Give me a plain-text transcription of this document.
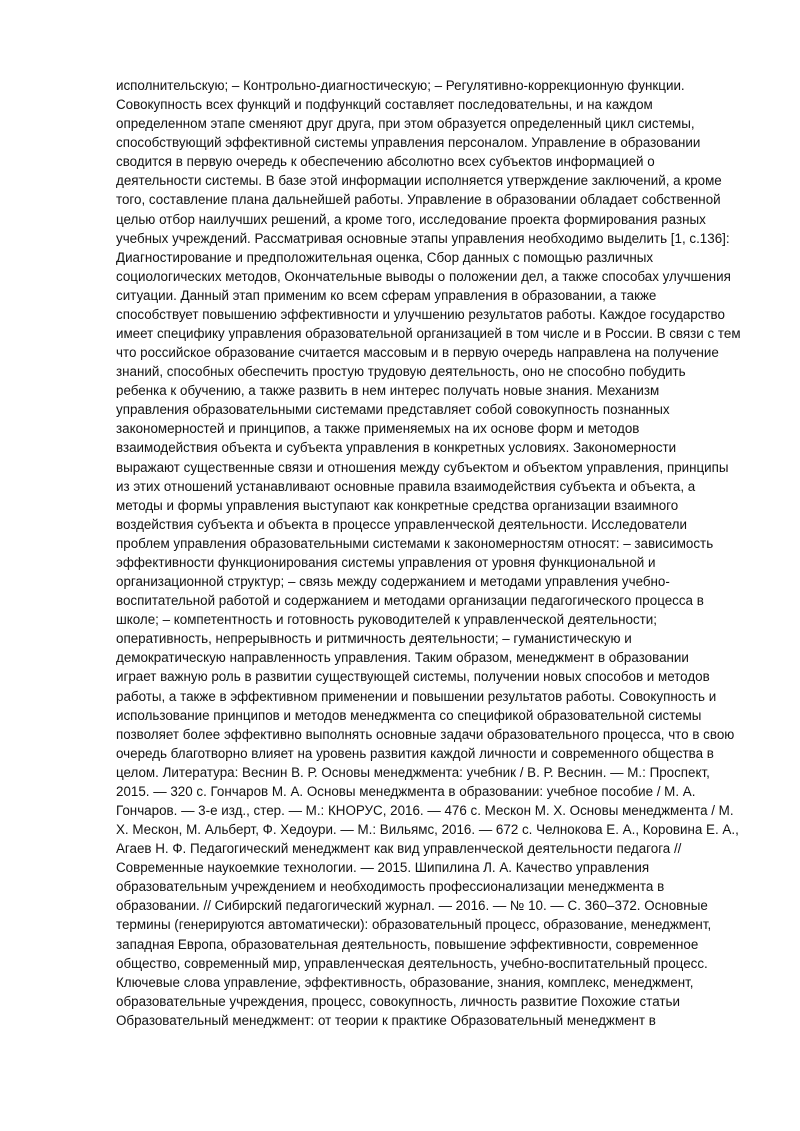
исполнительскую; – Контрольно-диагностическую; – Регулятивно-коррекционную функции.
Совокупность всех функций и подфункций составляет последовательны, и на каждом
определенном этапе сменяют друг друга, при этом образуется определенный цикл системы,
способствующий эффективной системы управления персоналом. Управление в образовании
сводится в первую очередь к обеспечению абсолютно всех субъектов информацией о
деятельности системы. В базе этой информации исполняется утверждение заключений, а кроме
того, составление плана дальнейшей работы. Управление в образовании обладает собственной
целью отбор наилучших решений, а кроме того, исследование проекта формирования разных
учебных учреждений. Рассматривая основные этапы управления необходимо выделить [1, с.136]:
Диагностирование и предположительная оценка, Сбор данных с помощью различных
социологических методов, Окончательные выводы о положении дел, а также способах улучшения
ситуации. Данный этап применим ко всем сферам управления в образовании, а также
способствует повышению эффективности и улучшению результатов работы. Каждое государство
имеет специфику управления образовательной организацией в том числе и в России. В связи с тем
что российское образование считается массовым и в первую очередь направлена на получение
знаний, способных обеспечить простую трудовую деятельность, оно не способно побудить
ребенка к обучению, а также развить в нем интерес получать новые знания. Механизм
управления образовательными системами представляет собой совокупность познанных
закономерностей и принципов, а также применяемых на их основе форм и методов
взаимодействия объекта и субъекта управления в конкретных условиях. Закономерности
выражают существенные связи и отношения между субъектом и объектом управления, принципы
из этих отношений устанавливают основные правила взаимодействия субъекта и объекта, а
методы и формы управления выступают как конкретные средства организации взаимного
воздействия субъекта и объекта в процессе управленческой деятельности. Исследователи
проблем управления образовательными системами к закономерностям относят: – зависимость
эффективности функционирования системы управления от уровня функциональной и
организационной структур; – связь между содержанием и методами управления учебно-
воспитательной работой и содержанием и методами организации педагогического процесса в
школе; – компетентность и готовность руководителей к управленческой деятельности;
оперативность, непрерывность и ритмичность деятельности; – гуманистическую и
демократическую направленность управления. Таким образом, менеджмент в образовании
играет важную роль в развитии существующей системы, получении новых способов и методов
работы, а также в эффективном применении и повышении результатов работы. Совокупность и
использование принципов и методов менеджмента со спецификой образовательной системы
позволяет более эффективно выполнять основные задачи образовательного процесса, что в свою
очередь благотворно влияет на уровень развития каждой личности и современного общества в
целом. Литература: Веснин В. Р. Основы менеджмента: учебник / В. Р. Веснин. — М.: Проспект,
2015. — 320 с. Гончаров М. А. Основы менеджмента в образовании: учебное пособие / М. А.
Гончаров. — 3-е изд., стер. — М.: КНОРУС, 2016. — 476 с. Мескон М. Х. Основы менеджмента / М.
Х. Мескон, М. Альберт, Ф. Хедоури. — М.: Вильямс, 2016. — 672 с. Челнокова Е. А., Коровина Е. А.,
Агаев Н. Ф. Педагогический менеджмент как вид управленческой деятельности педагога //
Современные наукоемкие технологии. — 2015. Шипилина Л. А. Качество управления
образовательным учреждением и необходимость профессионализации менеджмента в
образовании. // Сибирский педагогический журнал. — 2016. — № 10. — С. 360–372. Основные
термины (генерируются автоматически): образовательный процесс, образование, менеджмент,
западная Европа, образовательная деятельность, повышение эффективности, современное
общество, современный мир, управленческая деятельность, учебно-воспитательный процесс.
Ключевые слова управление, эффективность, образование, знания, комплекс, менеджмент,
образовательные учреждения, процесс, совокупность, личность развитие Похожие статьи
Образовательный менеджмент: от теории к практике Образовательный менеджмент в
